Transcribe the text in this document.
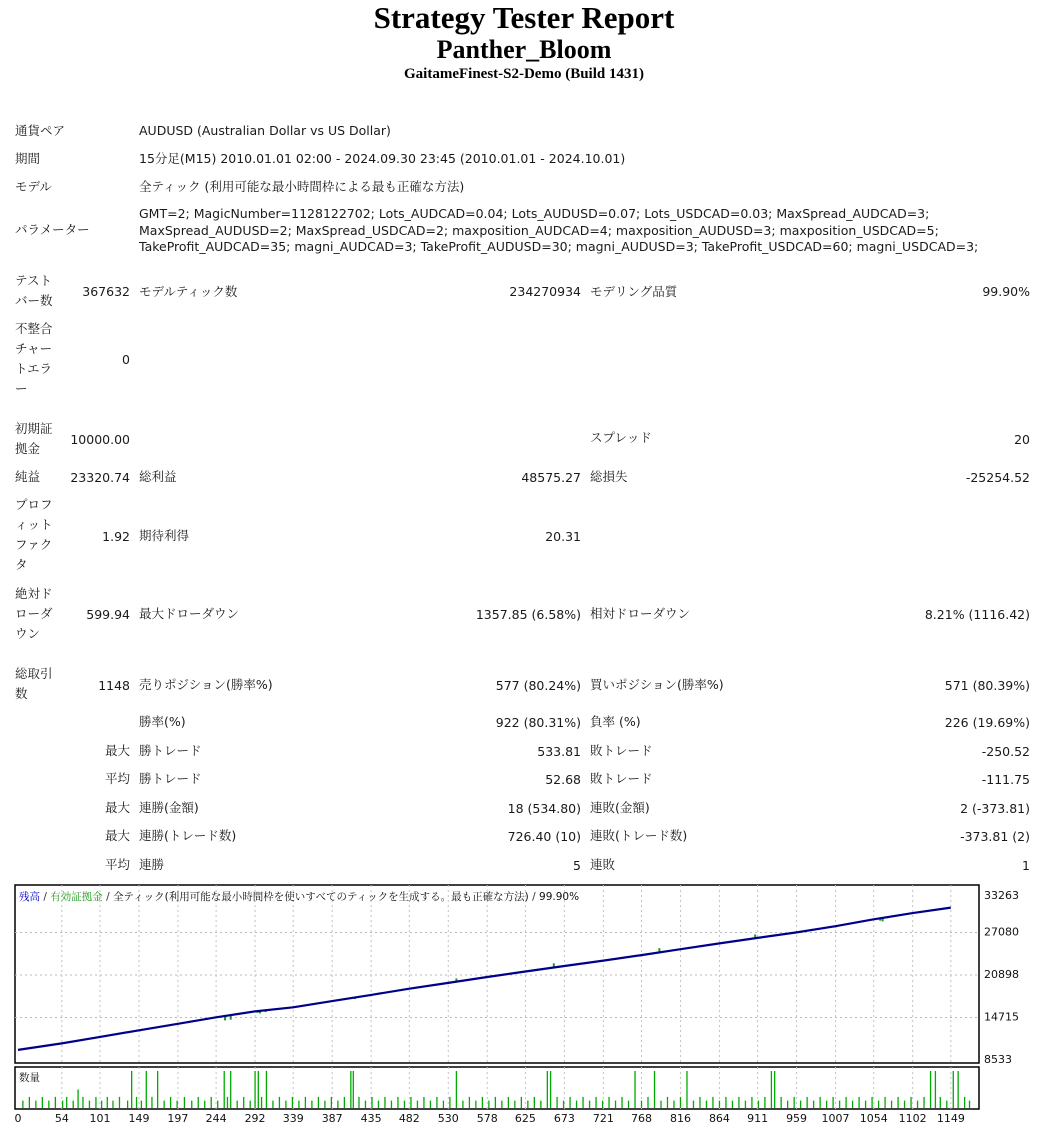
Strategy Tester Report
Panther_Bloom
GaitameFinest-S2-Demo (Build 1431)
通貨ペア	AUDUSD (Australian Dollar vs US Dollar)
期間	15分足(M15) 2010.01.01 02:00 - 2024.09.30 23:45 (2010.01.01 - 2024.10.01)
モデル	全ティック (利用可能な最小時間枠による最も正確な方法)
パラメーター
GMT=2; MagicNumber=1128122702; Lots_AUDCAD=0.04; Lots_AUDUSD=0.07; Lots_USDCAD=0.03; MaxSpread_AUDCAD=3; MaxSpread_AUDUSD=2; MaxSpread_USDCAD=2; maxposition_AUDCAD=4; maxposition_AUDUSD=3; maxposition_USDCAD=5; TakeProfit_AUDCAD=35; magni_AUDCAD=3; TakeProfit_AUDUSD=30; magni_AUDUSD=3; TakeProfit_USDCAD=60; magni_USDCAD=3;
テストバー数
367632 モデルティック数	234270934 モデリング品質	99.90%
不整合チャートエラー
0
初期証拠金
10000.00	スプレッド	20
純益	23320.74 総利益	48575.27 総損失	-25254.52
プロフィットファクタ
1.92 期待利得	20.31
絶対ドローダウン
599.94 最大ドローダウン	1357.85 (6.58%) 相対ドローダウン	8.21% (1116.42)
総取引数
1148 売りポジション(勝率%)	577 (80.24%) 買いポジション(勝率%)	571 (80.39%)
勝率(%)	922 (80.31%) 負率 (%)	226 (19.69%)
最大 勝トレード	533.81 敗トレード	-250.52
平均 勝トレード	52.68 敗トレード	-111.75
最大 連勝(金額)	18 (534.80) 連敗(金額)	2 (-373.81)
最大 連勝(トレード数)	726.40 (10) 連敗(トレード数)	-373.81 (2)
平均 連勝	5 連敗	1
33263
27080
20898
14715
8533
残高 / 有効証拠金 / 全ティック(利用可能な最小時間枠を使いすべてのティックを生成する。最も正確な方法) / 99.90%
数量
0	54 101 149 197 244 292 339 387 435 482 530 578 625 673 721 768 816 864 911 959 1007 1054 1102 1149
